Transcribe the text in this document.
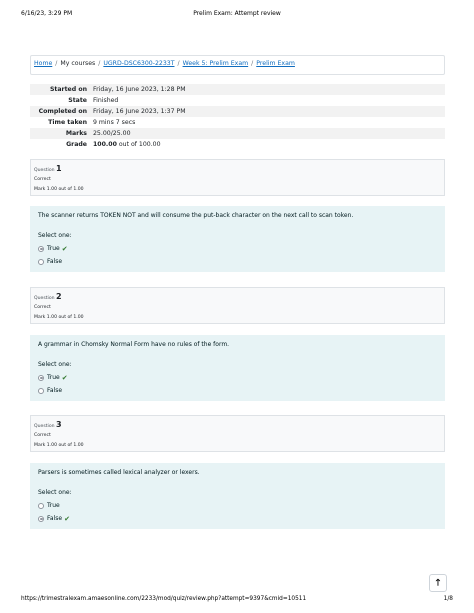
6/16/23, 3:29 PM	Prelim Exam: Attempt review
Home / My courses / UGRD-DSC6300-2233T / Week 5: Prelim Exam / Prelim Exam
Started on	Friday, 16 June 2023, 1:28 PM
State	Finished
Completed on	Friday, 16 June 2023, 1:37 PM
Time taken	9 mins 7 secs
Marks	25.00/25.00
Grade	100.00 out of 100.00
Question 1
Correct
Mark 1.00 out of 1.00
The scanner returns TOKEN NOT and will consume the put-back character on the next call to scan token.
Select one:
True ✔
False
Question 2
Correct
Mark 1.00 out of 1.00
A grammar in Chomsky Normal Form have no rules of the form.
Select one:
True ✔
False
Question 3
Correct
Mark 1.00 out of 1.00
Parsers is sometimes called lexical analyzer or lexers.
Select one:
True
False ✔
🡑
https://trimestralexam.amaesonline.com/2233/mod/quiz/review.php?attempt=9397&cmid=10511	1/8
